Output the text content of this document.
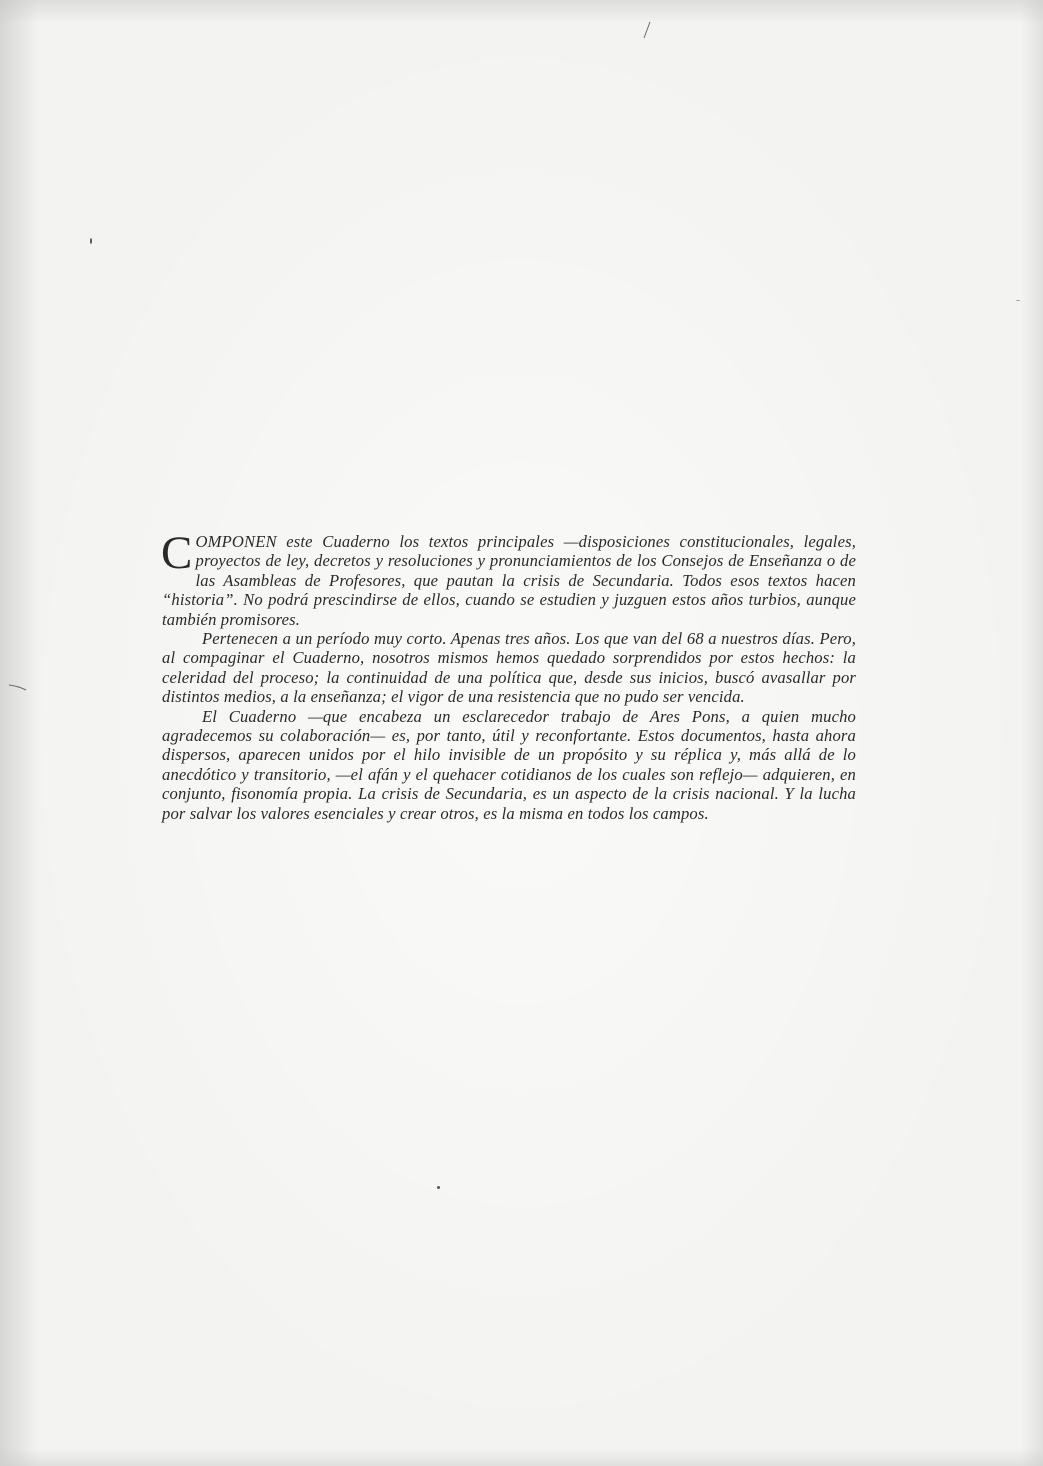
COMPONEN este Cuaderno los textos principales —disposiciones constitucionales, legales, proyectos de ley, decretos y resoluciones y pronunciamientos de los Consejos de Enseñanza o de las Asambleas de Profesores, que pautan la crisis de Secundaria. Todos esos textos hacen “historia”. No podrá prescindirse de ellos, cuando se estudien y juzguen estos años turbios, aunque también promisores.

Pertenecen a un período muy corto. Apenas tres años. Los que van del 68 a nuestros días. Pero, al compaginar el Cuaderno, nosotros mismos hemos quedado sorprendidos por estos hechos: la celeridad del proceso; la continuidad de una política que, desde sus inicios, buscó avasallar por distintos medios, a la enseñanza; el vigor de una resistencia que no pudo ser vencida.

El Cuaderno —que encabeza un esclarecedor trabajo de Ares Pons, a quien mucho agradecemos su colaboración— es, por tanto, útil y reconfortante. Estos documentos, hasta ahora dispersos, aparecen unidos por el hilo invisible de un propósito y su réplica y, más allá de lo anecdótico y transitorio, —el afán y el quehacer cotidianos de los cuales son reflejo— adquieren, en conjunto, fisonomía propia. La crisis de Secundaria, es un aspecto de la crisis nacional. Y la lucha por salvar los valores esenciales y crear otros, es la misma en todos los campos.
